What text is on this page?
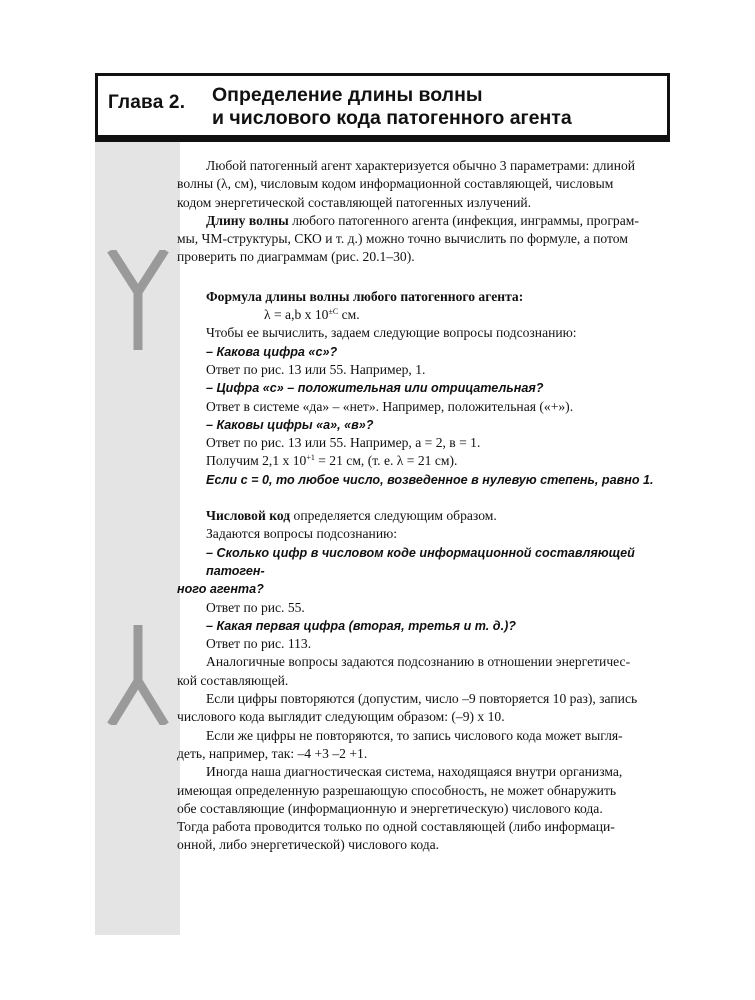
Глава 2. Определение длины волны
и числового кода патогенного агента
Любой патогенный агент характеризуется обычно 3 параметрами: длиной
волны (λ, см), числовым кодом информационной составляющей, числовым
кодом энергетической составляющей патогенных излучений.
Длину волны любого патогенного агента (инфекция, инграммы, програм-
мы, ЧМ-структуры, СКО и т. д.) можно точно вычислить по формуле, а потом
проверить по диаграммам (рис. 20.1–30).
Формула длины волны любого патогенного агента:
λ = a,b x $10^{\pm C}$ см.
Чтобы ее вычислить, задаем следующие вопросы подсознанию:
– Какова цифра «с»?
Ответ по рис. 13 или 55. Например, 1.
– Цифра «с» – положительная или отрицательная?
Ответ в системе «да» – «нет». Например, положительная («+»).
– Каковы цифры «а», «в»?
Ответ по рис. 13 или 55. Например, а = 2, в = 1.
Получим 2,1 x $10^{+1} = 21$ см, (т. е. λ = 21 см).
Если с = 0, то любое число, возведенное в нулевую степень, равно 1.
Числовой код определяется следующим образом.
Задаются вопросы подсознанию:
– Сколько цифр в числовом коде информационной составляющей патоген-
ного агента?
Ответ по рис. 55.
– Какая первая цифра (вторая, третья и т. д.)?
Ответ по рис. 113.
Аналогичные вопросы задаются подсознанию в отношении энергетичес-
кой составляющей.
Если цифры повторяются (допустим, число –9 повторяется 10 раз), запись
числового кода выглядит следующим образом: (–9) x 10.
Если же цифры не повторяются, то запись числового кода может выгля-
деть, например, так: –4 +3 –2 +1.
Иногда наша диагностическая система, находящаяся внутри организма,
имеющая определенную разрешающую способность, не может обнаружить
обе составляющие (информационную и энергетическую) числового кода.
Тогда работа проводится только по одной составляющей (либо информаци-
онной, либо энергетической) числового кода.
